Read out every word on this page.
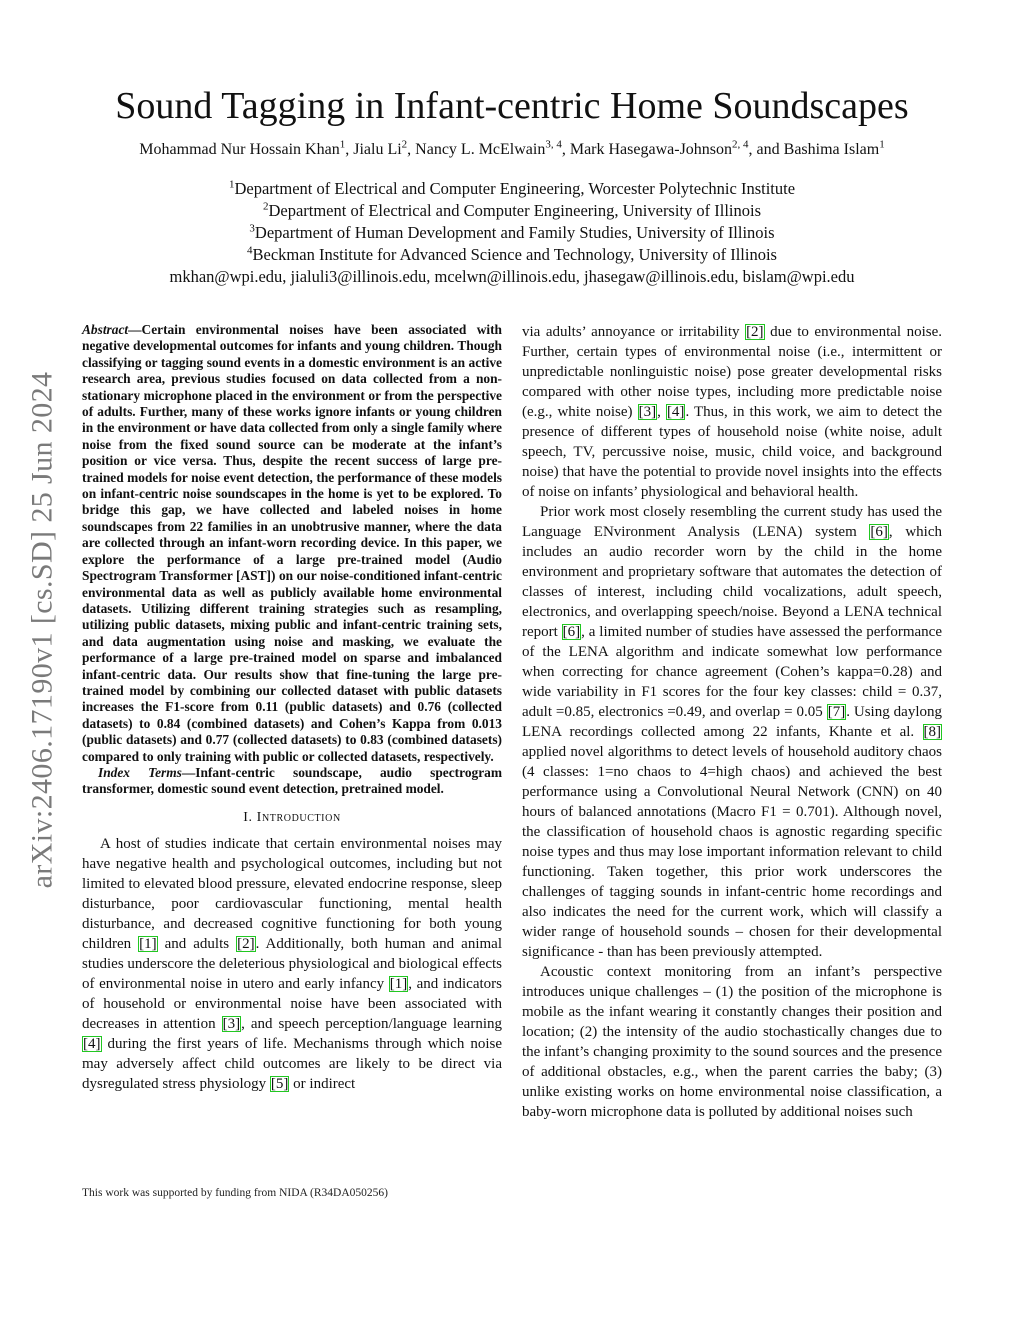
arXiv:2406.17190v1 [cs.SD] 25 Jun 2024
Sound Tagging in Infant-centric Home Soundscapes
Mohammad Nur Hossain Khan$^1$, Jialu Li$^2$, Nancy L. McElwain$^{3, 4}$, Mark Hasegawa-Johnson$^{2, 4}$, and Bashima Islam$^1$
$^1$Department of Electrical and Computer Engineering, Worcester Polytechnic Institute
$^2$Department of Electrical and Computer Engineering, University of Illinois
$^3$Department of Human Development and Family Studies, University of Illinois
$^4$Beckman Institute for Advanced Science and Technology, University of Illinois
mkhan@wpi.edu, jialuli3@illinois.edu, mcelwn@illinois.edu, jhasegaw@illinois.edu, bislam@wpi.edu

Abstract—Certain environmental noises have been associated with negative developmental outcomes for infants and young children. Though classifying or tagging sound events in a domestic environment is an active research area, previous studies focused on data collected from a non-stationary microphone placed in the environment or from the perspective of adults. Further, many of these works ignore infants or young children in the environment or have data collected from only a single family where noise from the fixed sound source can be moderate at the infant’s position or vice versa. Thus, despite the recent success of large pre-trained models for noise event detection, the performance of these models on infant-centric noise soundscapes in the home is yet to be explored. To bridge this gap, we have collected and labeled noises in home soundscapes from 22 families in an unobtrusive manner, where the data are collected through an infant-worn recording device. In this paper, we explore the performance of a large pre-trained model (Audio Spectrogram Transformer [AST]) on our noise-conditioned infant-centric environmental data as well as publicly available home environmental datasets. Utilizing different training strategies such as resampling, utilizing public datasets, mixing public and infant-centric training sets, and data augmentation using noise and masking, we evaluate the performance of a large pre-trained model on sparse and imbalanced infant-centric data. Our results show that fine-tuning the large pre-trained model by combining our collected dataset with public datasets increases the F1-score from 0.11 (public datasets) and 0.76 (collected datasets) to 0.84 (combined datasets) and Cohen’s Kappa from 0.013 (public datasets) and 0.77 (collected datasets) to 0.83 (combined datasets) compared to only training with public or collected datasets, respectively.

Index Terms—Infant-centric soundscape, audio spectrogram transformer, domestic sound event detection, pretrained model.

I. Introduction

A host of studies indicate that certain environmental noises may have negative health and psychological outcomes, including but not limited to elevated blood pressure, elevated endocrine response, sleep disturbance, poor cardiovascular functioning, mental health disturbance, and decreased cognitive functioning for both young children [1] and adults [2]. Additionally, both human and animal studies underscore the deleterious physiological and biological effects of environmental noise in utero and early infancy [1], and indicators of household or environmental noise have been associated with decreases in attention [3], and speech perception/language learning [4] during the first years of life. Mechanisms through which noise may adversely affect child outcomes are likely to be direct via dysregulated stress physiology [5] or indirect

via adults’ annoyance or irritability [2] due to environmental noise. Further, certain types of environmental noise (i.e., intermittent or unpredictable nonlinguistic noise) pose greater developmental risks compared with other noise types, including more predictable noise (e.g., white noise) [3], [4]. Thus, in this work, we aim to detect the presence of different types of household noise (white noise, adult speech, TV, percussive noise, music, child voice, and background noise) that have the potential to provide novel insights into the effects of noise on infants’ physiological and behavioral health.

Prior work most closely resembling the current study has used the Language ENvironment Analysis (LENA) system [6], which includes an audio recorder worn by the child in the home environment and proprietary software that automates the detection of classes of interest, including child vocalizations, adult speech, electronics, and overlapping speech/noise. Beyond a LENA technical report [6], a limited number of studies have assessed the performance of the LENA algorithm and indicate somewhat low performance when correcting for chance agreement (Cohen’s kappa=0.28) and wide variability in F1 scores for the four key classes: child = 0.37, adult =0.85, electronics =0.49, and overlap = 0.05 [7]. Using daylong LENA recordings collected among 22 infants, Khante et al. [8] applied novel algorithms to detect levels of household auditory chaos (4 classes: 1=no chaos to 4=high chaos) and achieved the best performance using a Convolutional Neural Network (CNN) on 40 hours of balanced annotations (Macro F1 = 0.701). Although novel, the classification of household chaos is agnostic regarding specific noise types and thus may lose important information relevant to child functioning. Taken together, this prior work underscores the challenges of tagging sounds in infant-centric home recordings and also indicates the need for the current work, which will classify a wider range of household sounds – chosen for their developmental significance - than has been previously attempted.

Acoustic context monitoring from an infant’s perspective introduces unique challenges – (1) the position of the microphone is mobile as the infant wearing it constantly changes their position and location; (2) the intensity of the audio stochastically changes due to the infant’s changing proximity to the sound sources and the presence of additional obstacles, e.g., when the parent carries the baby; (3) unlike existing works on home environmental noise classification, a baby-worn microphone data is polluted by additional noises such

This work was supported by funding from NIDA (R34DA050256)
